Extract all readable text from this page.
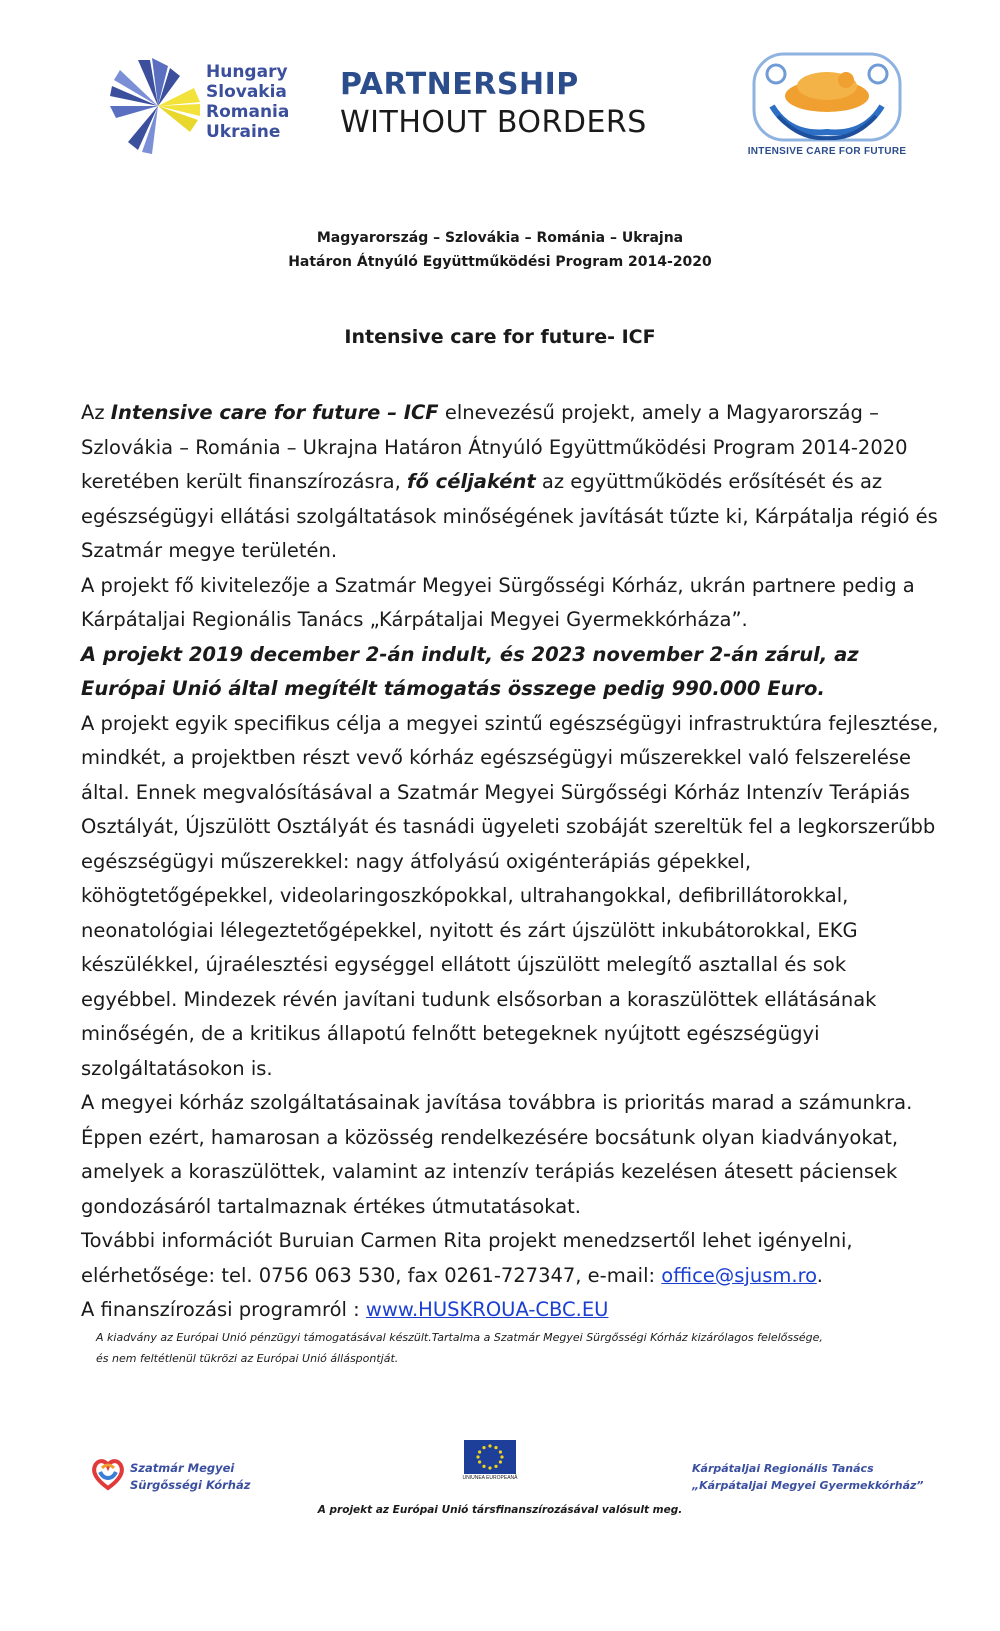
Hungary
Slovakia
Romania
Ukraine
PARTNERSHIP
WITHOUT BORDERS
INTENSIVE CARE FOR FUTURE
Magyarország – Szlovákia – Románia – Ukrajna
Határon Átnyúló Együttműködési Program 2014-2020
Intensive care for future- ICF

Az Intensive care for future – ICF elnevezésű projekt, amely a Magyarország – Szlovákia – Románia – Ukrajna Határon Átnyúló Együttműködési Program 2014-2020 keretében került finanszírozásra, fő céljaként az együttműködés erősítését és az egészségügyi ellátási szolgáltatások minőségének javítását tűzte ki, Kárpátalja régió és Szatmár megye területén.

A projekt fő kivitelezője a Szatmár Megyei Sürgősségi Kórház, ukrán partnere pedig a Kárpátaljai Regionális Tanács „Kárpátaljai Megyei Gyermekkórháza”.

A projekt 2019 december 2-án indult, és 2023 november 2-án zárul, az Európai Unió által megítélt támogatás összege pedig 990.000 Euro.

A projekt egyik specifikus célja a megyei szintű egészségügyi infrastruktúra fejlesztése, mindkét, a projektben részt vevő kórház egészségügyi műszerekkel való felszerelése által. Ennek megvalósításával a Szatmár Megyei Sürgősségi Kórház Intenzív Terápiás Osztályát, Újszülött Osztályát és tasnádi ügyeleti szobáját szereltük fel a legkorszerűbb egészségügyi műszerekkel: nagy átfolyású oxigénterápiás gépekkel, köhögtetőgépekkel, videolaringoszkópokkal, ultrahangokkal, defibrillátorokkal, neonatológiai lélegeztetőgépekkel, nyitott és zárt újszülött inkubátorokkal, EKG készülékkel, újraélesztési egységgel ellátott újszülött melegítő asztallal és sok egyébbel. Mindezek révén javítani tudunk elsősorban a koraszülöttek ellátásának minőségén, de a kritikus állapotú felnőtt betegeknek nyújtott egészségügyi szolgáltatásokon is.

A megyei kórház szolgáltatásainak javítása továbbra is prioritás marad a számunkra. Éppen ezért, hamarosan a közösség rendelkezésére bocsátunk olyan kiadványokat, amelyek a koraszülöttek, valamint az intenzív terápiás kezelésen átesett páciensek gondozásáról tartalmaznak értékes útmutatásokat.

További információt Buruian Carmen Rita projekt menedzsertől lehet igényelni, elérhetősége: tel. 0756 063 530, fax 0261-727347, e-mail: office@sjusm.ro.

A finanszírozási programról : www.HUSKROUA-CBC.EU

A kiadvány az Európai Unió pénzügyi támogatásával készült.Tartalma a Szatmár Megyei Sürgősségi Kórház kizárólagos felelőssége,
és nem feltétlenül tükrözi az Európai Unió álláspontját.
Szatmár Megyei
Sürgősségi Kórház	UNIUNEA EUROPEANĂ
Kárpátaljai Regionális Tanács
„Kárpátaljai Megyei Gyermekkórház”
A projekt az Európai Unió társfinanszírozásával valósult meg.
